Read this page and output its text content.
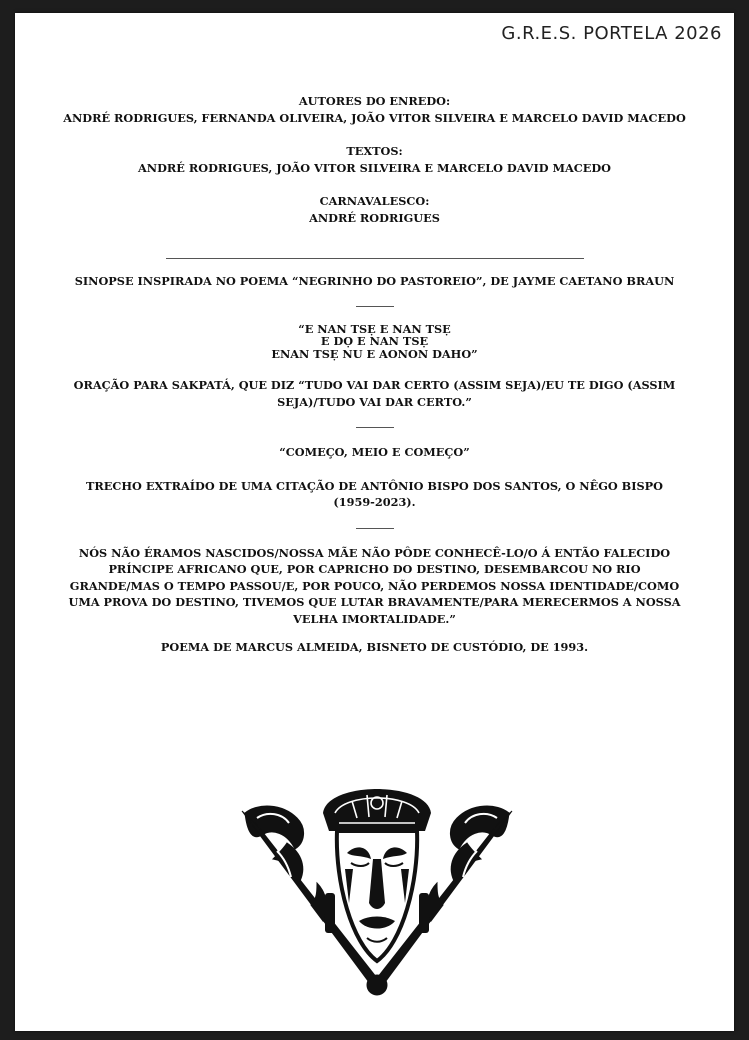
G.R.E.S. PORTELA 2026
AUTORES DO ENREDO:
ANDRÉ RODRIGUES, FERNANDA OLIVEIRA, JOÃO VITOR SILVEIRA E MARCELO DAVID MACEDO
TEXTOS:
ANDRÉ RODRIGUES, JOÃO VITOR SILVEIRA E MARCELO DAVID MACEDO
CARNAVALESCO:
ANDRÉ RODRIGUES
SINOPSE INSPIRADA NO POEMA “NEGRINHO DO PASTOREIO”, DE JAYME CAETANO BRAUN
“E NAN TSẸ E NAN TSẸ
E DỌ E NAN TSẸ
ENAN TSẸ NU E AONON DAHO”
ORAÇÃO PARA SAKPATÁ, QUE DIZ “TUDO VAI DAR CERTO (ASSIM SEJA)/EU TE DIGO (ASSIM
SEJA)/TUDO VAI DAR CERTO.”
“COMEÇO, MEIO E COMEÇO”
TRECHO EXTRAÍDO DE UMA CITAÇÃO DE ANTÔNIO BISPO DOS SANTOS, O NÊGO BISPO
(1959-2023).
NÓS NÃO ÉRAMOS NASCIDOS/NOSSA MÃE NÃO PÔDE CONHECÊ-LO/O Á ENTÃO FALECIDO
PRÍNCIPE AFRICANO QUE, POR CAPRICHO DO DESTINO, DESEMBARCOU NO RIO
GRANDE/MAS O TEMPO PASSOU/E, POR POUCO, NÃO PERDEMOS NOSSA IDENTIDADE/COMO
UMA PROVA DO DESTINO, TIVEMOS QUE LUTAR BRAVAMENTE/PARA MERECERMOS A NOSSA
VELHA IMORTALIDADE.”
POEMA DE MARCUS ALMEIDA, BISNETO DE CUSTÓDIO, DE 1993.
